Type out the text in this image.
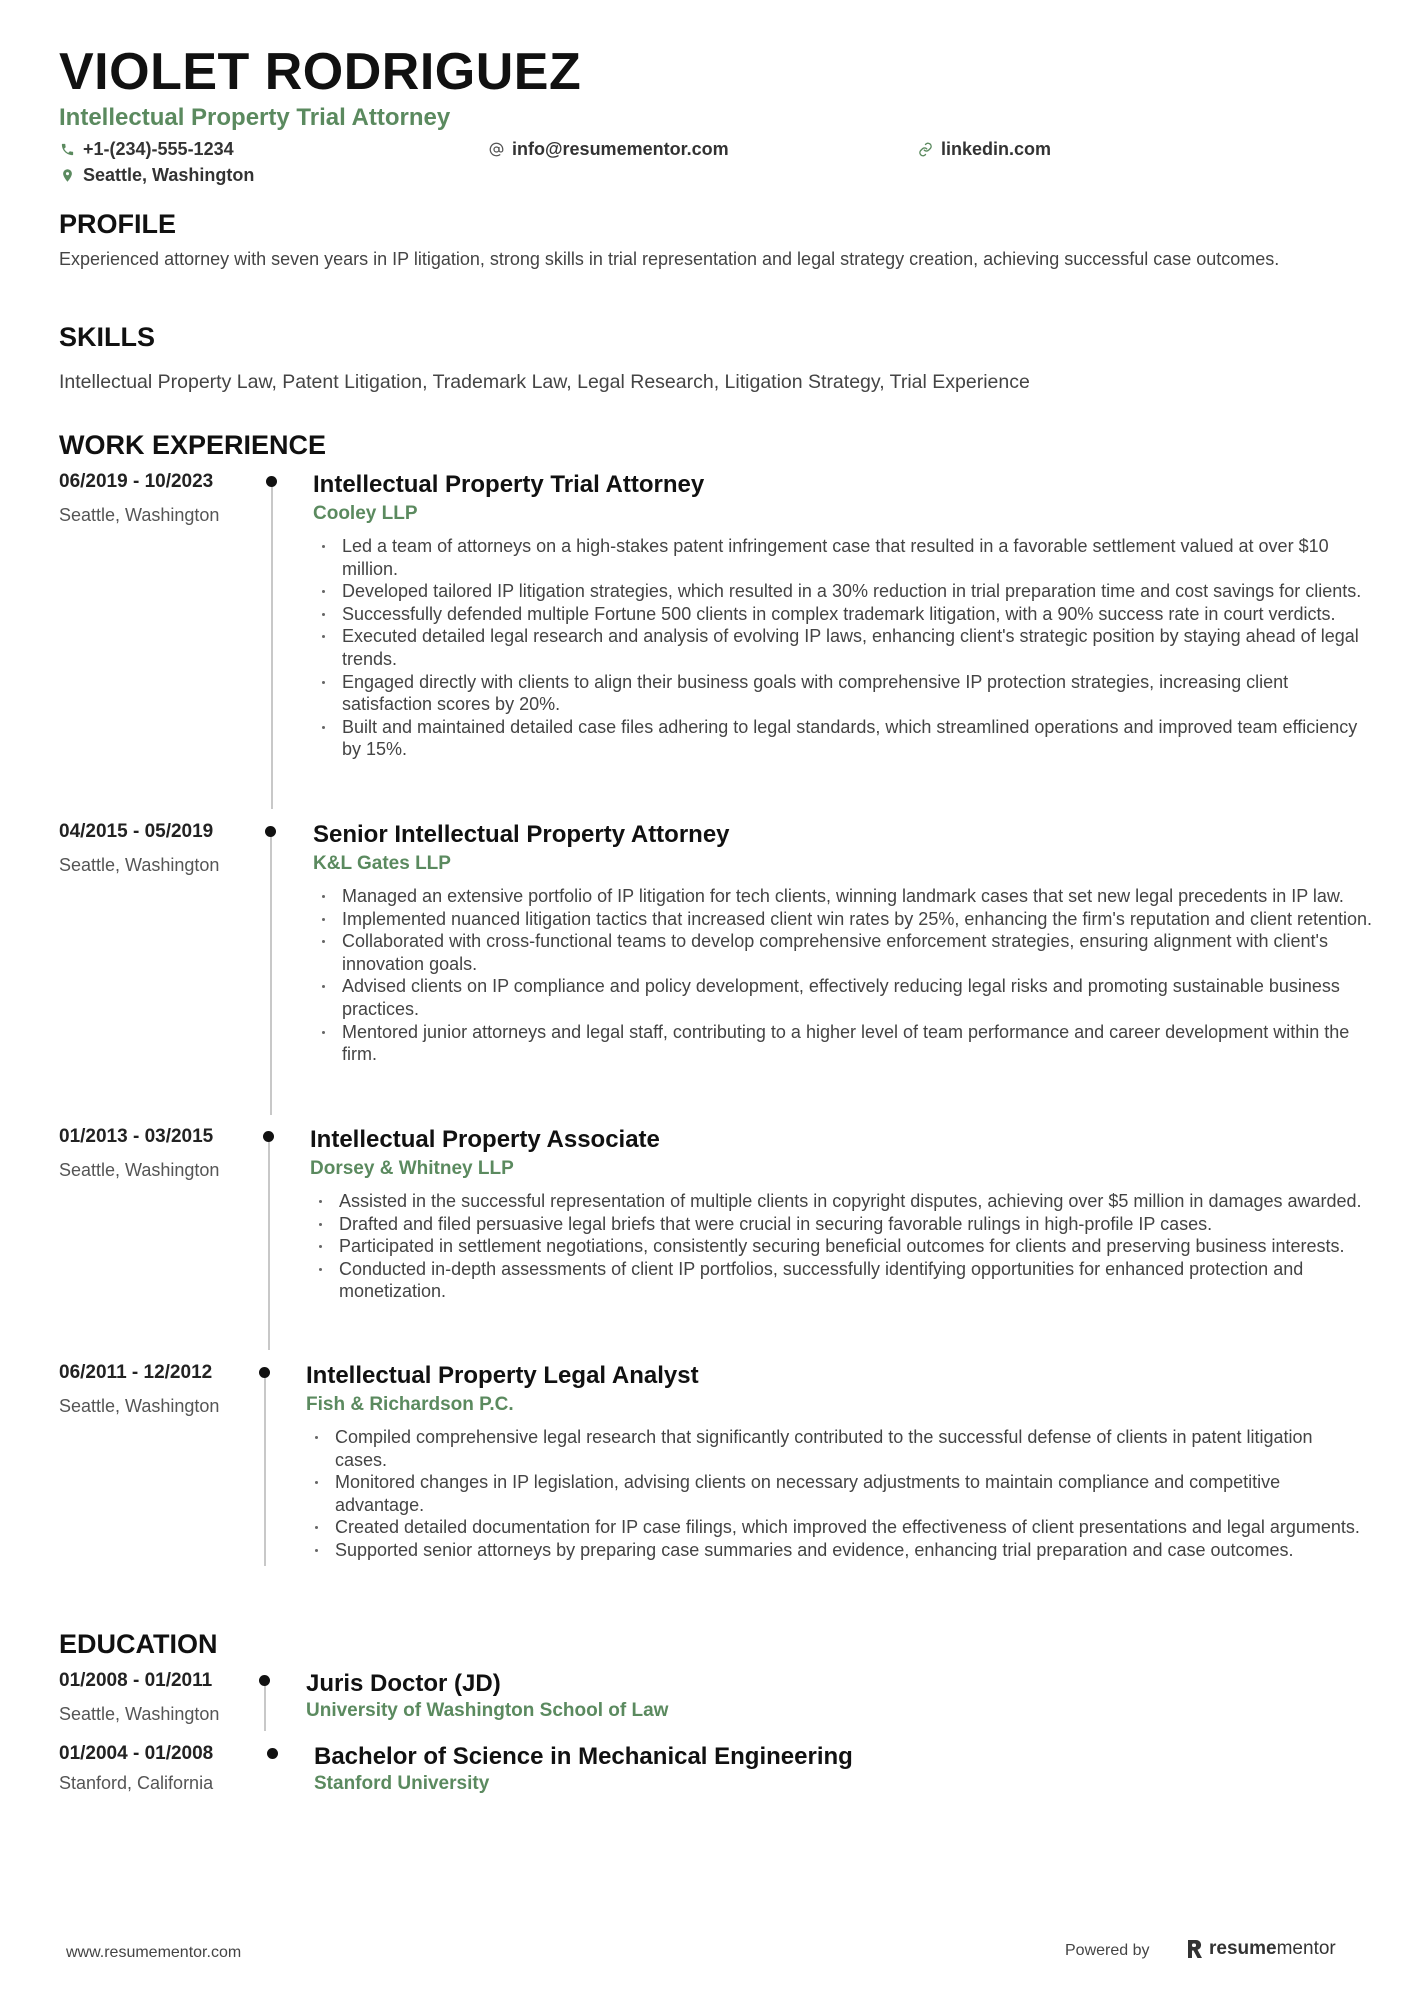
VIOLET RODRIGUEZ
Intellectual Property Trial Attorney
+1-(234)-555-1234	info@resumementor.com	linkedin.com
Seattle, Washington
PROFILE

Experienced attorney with seven years in IP litigation, strong skills in trial representation and legal strategy creation, achieving successful case outcomes.

SKILLS

Intellectual Property Law, Patent Litigation, Trademark Law, Legal Research, Litigation Strategy, Trial Experience

WORK EXPERIENCE
06/2019 - 10/2023
Seattle, Washington
Intellectual Property Trial Attorney
Cooley LLP
Led a team of attorneys on a high-stakes patent infringement case that resulted in a favorable settlement valued at over $10 million.
Developed tailored IP litigation strategies, which resulted in a 30% reduction in trial preparation time and cost savings for clients.
Successfully defended multiple Fortune 500 clients in complex trademark litigation, with a 90% success rate in court verdicts.
Executed detailed legal research and analysis of evolving IP laws, enhancing client's strategic position by staying ahead of legal trends.
Engaged directly with clients to align their business goals with comprehensive IP protection strategies, increasing client satisfaction scores by 20%.
Built and maintained detailed case files adhering to legal standards, which streamlined operations and improved team efficiency by 15%.
04/2015 - 05/2019
Seattle, Washington
Senior Intellectual Property Attorney
K&L Gates LLP
Managed an extensive portfolio of IP litigation for tech clients, winning landmark cases that set new legal precedents in IP law.
Implemented nuanced litigation tactics that increased client win rates by 25%, enhancing the firm's reputation and client retention.
Collaborated with cross-functional teams to develop comprehensive enforcement strategies, ensuring alignment with client's innovation goals.
Advised clients on IP compliance and policy development, effectively reducing legal risks and promoting sustainable business practices.
Mentored junior attorneys and legal staff, contributing to a higher level of team performance and career development within the firm.
01/2013 - 03/2015
Seattle, Washington
Intellectual Property Associate
Dorsey & Whitney LLP
Assisted in the successful representation of multiple clients in copyright disputes, achieving over $5 million in damages awarded.
Drafted and filed persuasive legal briefs that were crucial in securing favorable rulings in high-profile IP cases.
Participated in settlement negotiations, consistently securing beneficial outcomes for clients and preserving business interests.
Conducted in-depth assessments of client IP portfolios, successfully identifying opportunities for enhanced protection and monetization.
06/2011 - 12/2012
Seattle, Washington
Intellectual Property Legal Analyst
Fish & Richardson P.C.
Compiled comprehensive legal research that significantly contributed to the successful defense of clients in patent litigation cases.
Monitored changes in IP legislation, advising clients on necessary adjustments to maintain compliance and competitive advantage.
Created detailed documentation for IP case filings, which improved the effectiveness of client presentations and legal arguments.
Supported senior attorneys by preparing case summaries and evidence, enhancing trial preparation and case outcomes.
EDUCATION
01/2008 - 01/2011
Seattle, Washington
Juris Doctor (JD)
University of Washington School of Law
01/2004 - 01/2008
Stanford, California
Bachelor of Science in Mechanical Engineering
Stanford University
www.resumementor.com	Powered by	resumementor
